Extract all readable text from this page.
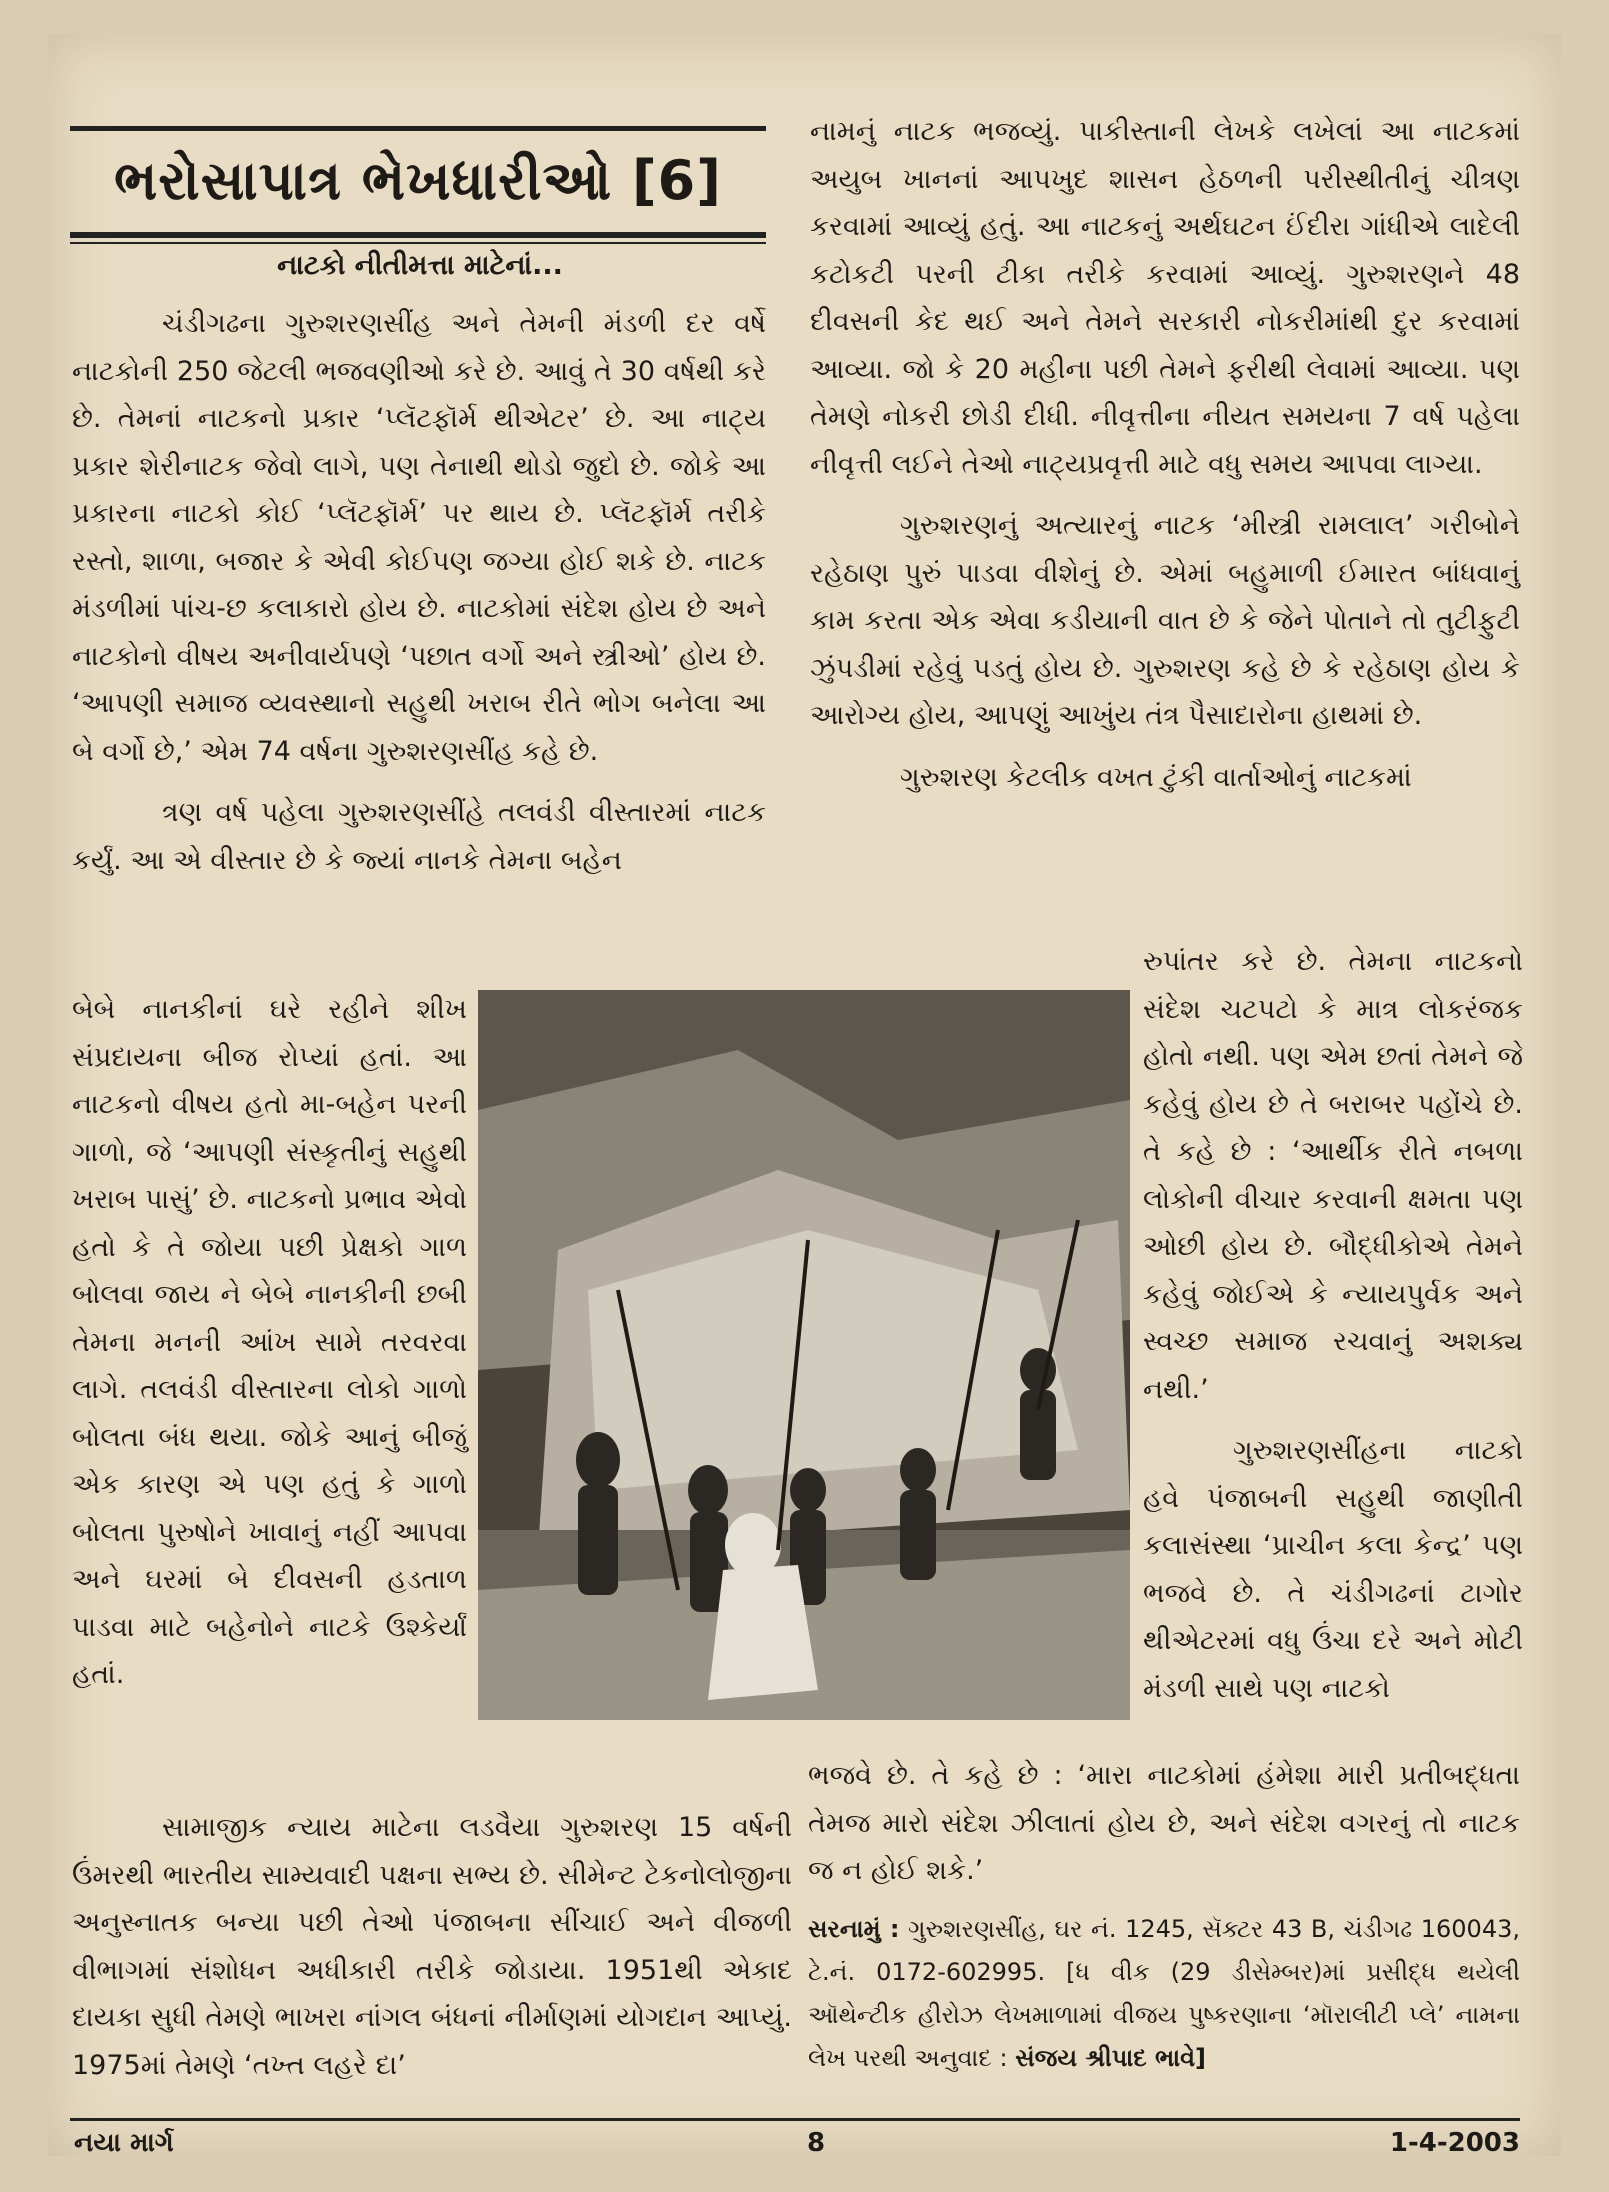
ભરોસાપાત્ર ભેખધારીઓ [6]
નાટકો નીતીમત્તા માટેનાં...

ચંડીગઢના ગુરુશરણસીંહ અને તેમની મંડળી દર વર્ષે નાટકોની 250 જેટલી ભજવણીઓ કરે છે. આવું તે 30 વર્ષથી કરે છે. તેમનાં નાટકનો પ્રકાર ‘પ્લૅટફૉર્મ થીએટર’ છે. આ નાટ્ય પ્રકાર શેરીનાટક જેવો લાગે, પણ તેનાથી થોડો જુદો છે. જોકે આ પ્રકારના નાટકો કોઈ ‘પ્લૅટફૉર્મ’ પર થાય છે. પ્લૅટફૉર્મ તરીકે રસ્તો, શાળા, બજાર કે એવી કોઈપણ જગ્યા હોઈ શકે છે. નાટક મંડળીમાં પાંચ-છ કલાકારો હોય છે. નાટકોમાં સંદેશ હોય છે અને નાટકોનો વીષય અનીવાર્યપણે ‘પછાત વર્ગો અને સ્ત્રીઓ’ હોય છે. ‘આપણી સમાજ વ્યવસ્થાનો સહુથી ખરાબ રીતે ભોગ બનેલા આ બે વર્ગો છે,’ એમ 74 વર્ષના ગુરુશરણસીંહ કહે છે.

ત્રણ વર્ષ પહેલા ગુરુશરણસીંહે તલવંડી વીસ્તારમાં નાટક કર્યું. આ એ વીસ્તાર છે કે જ્યાં નાનકે તેમના બહેન

બેબે નાનકીનાં ઘરે રહીને શીખ સંપ્રદાયના બીજ રોપ્યાં હતાં. આ નાટકનો વીષય હતો મા-બહેન પરની ગાળો, જે ‘આપણી સંસ્કૃતીનું સહુથી ખરાબ પાસું’ છે. નાટકનો પ્રભાવ એવો હતો કે તે જોયા પછી પ્રેક્ષકો ગાળ બોલવા જાય ને બેબે નાનકીની છબી તેમના મનની આંખ સામે તરવરવા લાગે. તલવંડી વીસ્તારના લોકો ગાળો બોલતા બંધ થયા. જોકે આનું બીજું એક કારણ એ પણ હતું કે ગાળો બોલતા પુરુષોને ખાવાનું નહીં આપવા અને ઘરમાં બે દીવસની હડતાળ પાડવા માટે બહેનોને નાટકે ઉશ્કેર્યાં હતાં.

સામાજીક ન્યાય માટેના લડવૈયા ગુરુશરણ 15 વર્ષની ઉંમરથી ભારતીય સામ્યવાદી પક્ષના સભ્ય છે. સીમેન્ટ ટેકનોલોજીના અનુસ્નાતક બન્યા પછી તેઓ પંજાબના સીંચાઈ અને વીજળી વીભાગમાં સંશોધન અધીકારી તરીકે જોડાયા. 1951થી એકાદ દાયકા સુધી તેમણે ભાખરા નાંગલ બંધનાં નીર્માણમાં યોગદાન આપ્યું. 1975માં તેમણે ‘તખ્ત લહરે દા’

નામનું નાટક ભજવ્યું. પાકીસ્તાની લેખકે લખેલાં આ નાટકમાં અયુબ ખાનનાં આપખુદ શાસન હેઠળની પરીસ્થીતીનું ચીત્રણ કરવામાં આવ્યું હતું. આ નાટકનું અર્થઘટન ઈંદીરા ગાંધીએ લાદેલી કટોકટી પરની ટીકા તરીકે કરવામાં આવ્યું. ગુરુશરણને 48 દીવસની કેદ થઈ અને તેમને સરકારી નોકરીમાંથી દુર કરવામાં આવ્યા. જો કે 20 મહીના પછી તેમને ફરીથી લેવામાં આવ્યા. પણ તેમણે નોકરી છોડી દીધી. નીવૃત્તીના નીયત સમયના 7 વર્ષ પહેલા નીવૃત્તી લઈને તેઓ નાટ્યપ્રવૃત્તી માટે વધુ સમય આપવા લાગ્યા.

ગુરુશરણનું અત્યારનું નાટક ‘મીસ્ત્રી રામલાલ’ ગરીબોને રહેઠાણ પુરું પાડવા વીશેનું છે. એમાં બહુમાળી ઈમારત બાંધવાનું કામ કરતા એક એવા કડીયાની વાત છે કે જેને પોતાને તો તુટીફુટી ઝુંપડીમાં રહેવું પડતું હોય છે. ગુરુશરણ કહે છે કે રહેઠાણ હોય કે આરોગ્ય હોય, આપણું આખુંય તંત્ર પૈસાદારોના હાથમાં છે.

ગુરુશરણ કેટલીક વખત ટુંકી વાર્તાઓનું નાટકમાં

રુપાંતર કરે છે. તેમના નાટકનો સંદેશ ચટપટો કે માત્ર લોકરંજક હોતો નથી. પણ એમ છતાં તેમને જે કહેવું હોય છે તે બરાબર પહોંચે છે. તે કહે છે : ‘આર્થીક રીતે નબળા લોકોની વીચાર કરવાની ક્ષમતા પણ ઓછી હોય છે. બૌદ્ધીકોએ તેમને કહેવું જોઈએ કે ન્યાયપુર્વક અને સ્વચ્છ સમાજ રચવાનું અશક્ય નથી.’

ગુરુશરણસીંહના નાટકો હવે પંજાબની સહુથી જાણીતી કલાસંસ્થા ‘પ્રાચીન કલા કેન્દ્ર’ પણ ભજવે છે. તે ચંડીગઢનાં ટાગોર થીએટરમાં વધુ ઉંચા દરે અને મોટી મંડળી સાથે પણ નાટકો

ભજવે છે. તે કહે છે : ‘મારા નાટકોમાં હંમેશા મારી પ્રતીબદ્ધતા તેમજ મારો સંદેશ ઝીલાતાં હોય છે, અને સંદેશ વગરનું તો નાટક જ ન હોઈ શકે.’
સરનામું : ગુરુશરણસીંહ, ઘર નં. 1245, સૅક્ટર 43 B, ચંડીગઢ 160043, ટે.નં. 0172-602995. [ધ વીક (29 ડીસેમ્બર)માં પ્રસીદ્ધ થયેલી ઑથેન્ટીક હીરોઝ લેખમાળામાં વીજય પુષ્કરણાના ‘મૉરાલીટી પ્લે’ નામના લેખ પરથી અનુવાદ : સંજય શ્રીપાદ ભાવે]
નયા માર્ગ	8	1-4-2003
